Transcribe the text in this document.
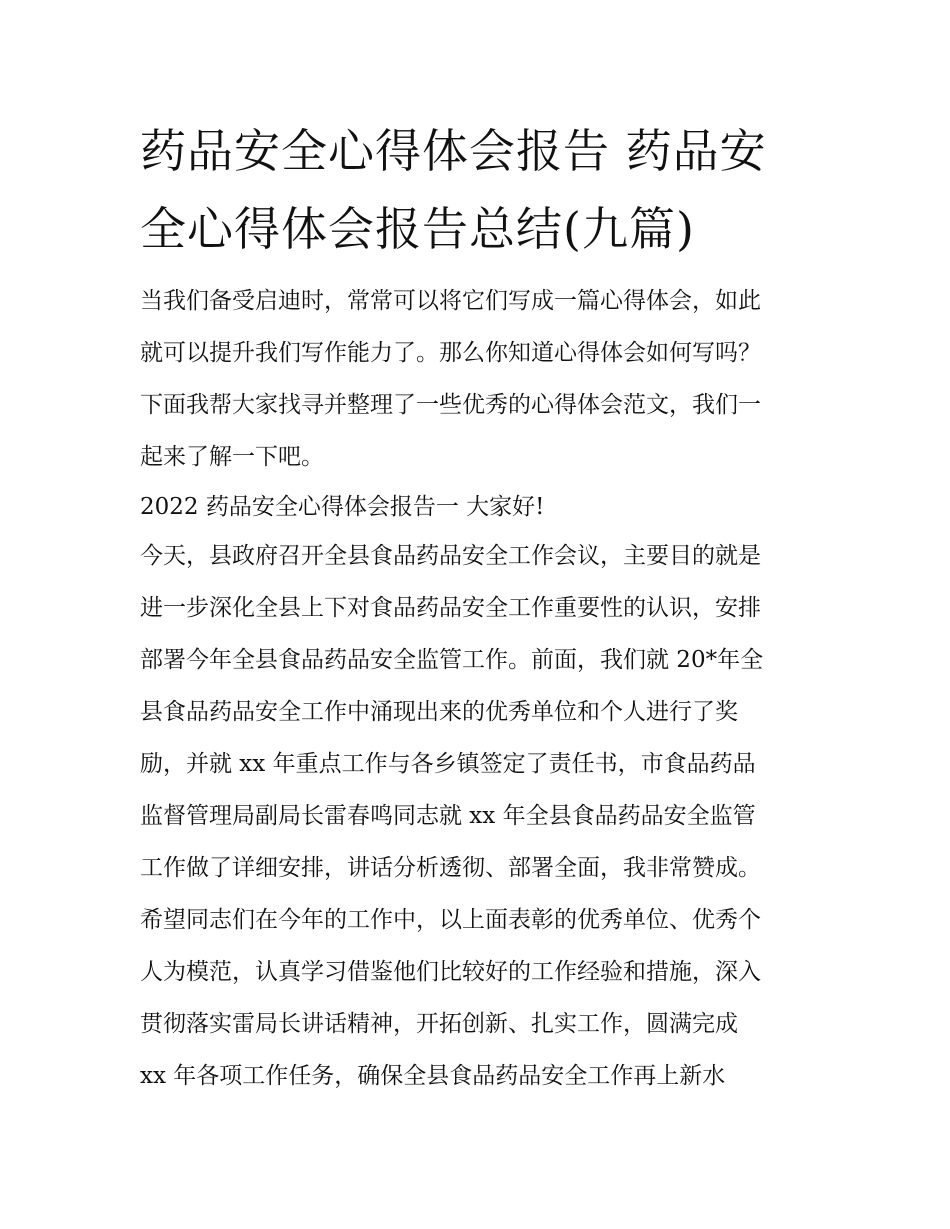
药品安全心得体会报告 药品安
全心得体会报告总结(九篇)

当我们备受启迪时，常常可以将它们写成一篇心得体会，如此
就可以提升我们写作能力了。那么你知道心得体会如何写吗？
下面我帮大家找寻并整理了一些优秀的心得体会范文，我们一
起来了解一下吧。

2022 药品安全心得体会报告一 大家好!

今天，县政府召开全县食品药品安全工作会议，主要目的就是
进一步深化全县上下对食品药品安全工作重要性的认识，安排
部署今年全县食品药品安全监管工作。前面，我们就 20*年全
县食品药品安全工作中涌现出来的优秀单位和个人进行了奖
励，并就 xx 年重点工作与各乡镇签定了责任书，市食品药品
监督管理局副局长雷春鸣同志就 xx 年全县食品药品安全监管
工作做了详细安排，讲话分析透彻、部署全面，我非常赞成。
希望同志们在今年的工作中，以上面表彰的优秀单位、优秀个
人为模范，认真学习借鉴他们比较好的工作经验和措施，深入
贯彻落实雷局长讲话精神，开拓创新、扎实工作，圆满完成
xx 年各项工作任务，确保全县食品药品安全工作再上新水
